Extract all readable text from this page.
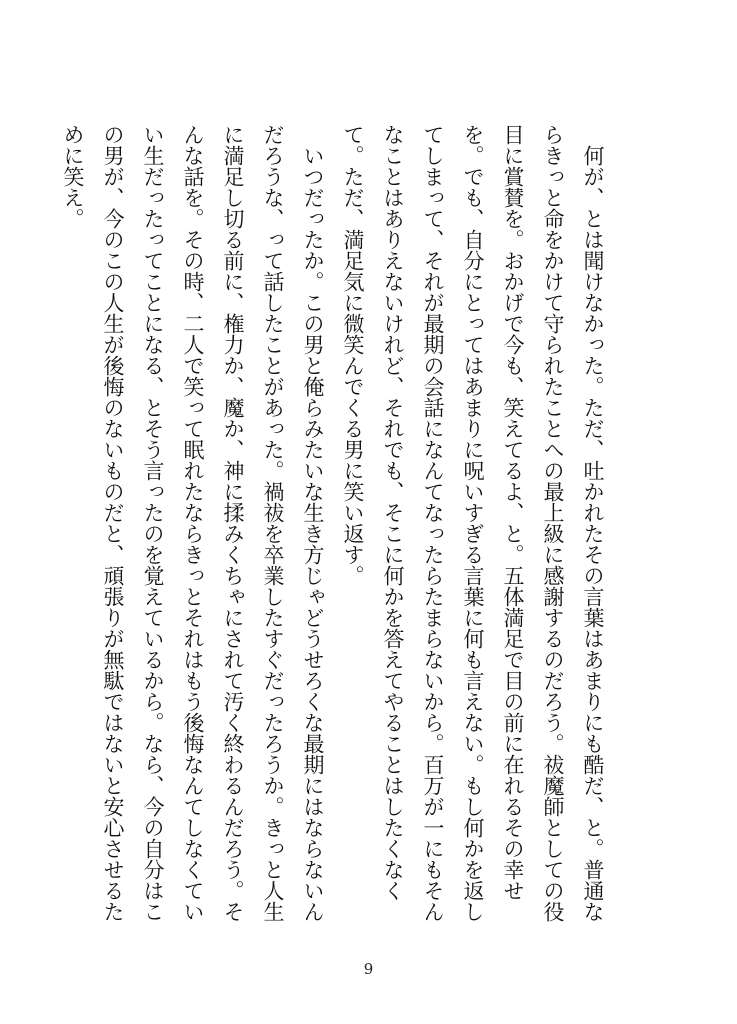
何が、とは聞けなかった。ただ、吐かれたその言葉はあまりにも酷だ、と。普通ならきっと命をかけて守られたことへの最上級に感謝するのだろう。祓魔師としての役目に賞賛を。おかげで今も、笑えてるよ、と。五体満足で目の前に在れるその幸せを。でも、自分にとってはあまりに呪いすぎる言葉に何も言えない。もし何かを返してしまって、それが最期の会話になんてなったらたまらないから。百万が一にもそんなことはありえないけれど、それでも、そこに何かを答えてやることはしたくなくて。ただ、満足気に微笑んでくる男に笑い返す。

いつだったか。この男と俺らみたいな生き方じゃどうせろくな最期にはならないんだろうな、って話したことがあった。禍祓を卒業したすぐだったろうか。きっと人生に満足し切る前に、権力か、魔か、神に揉みくちゃにされて汚く終わるんだろう。そんな話を。その時、二人で笑って眠れたならきっとそれはもう後悔なんてしなくていい生だったってことになる、とそう言ったのを覚えているから。なら、今の自分はこの男が、今のこの人生が後悔のないものだと、頑張りが無駄ではないと安心させるために笑え。

9
